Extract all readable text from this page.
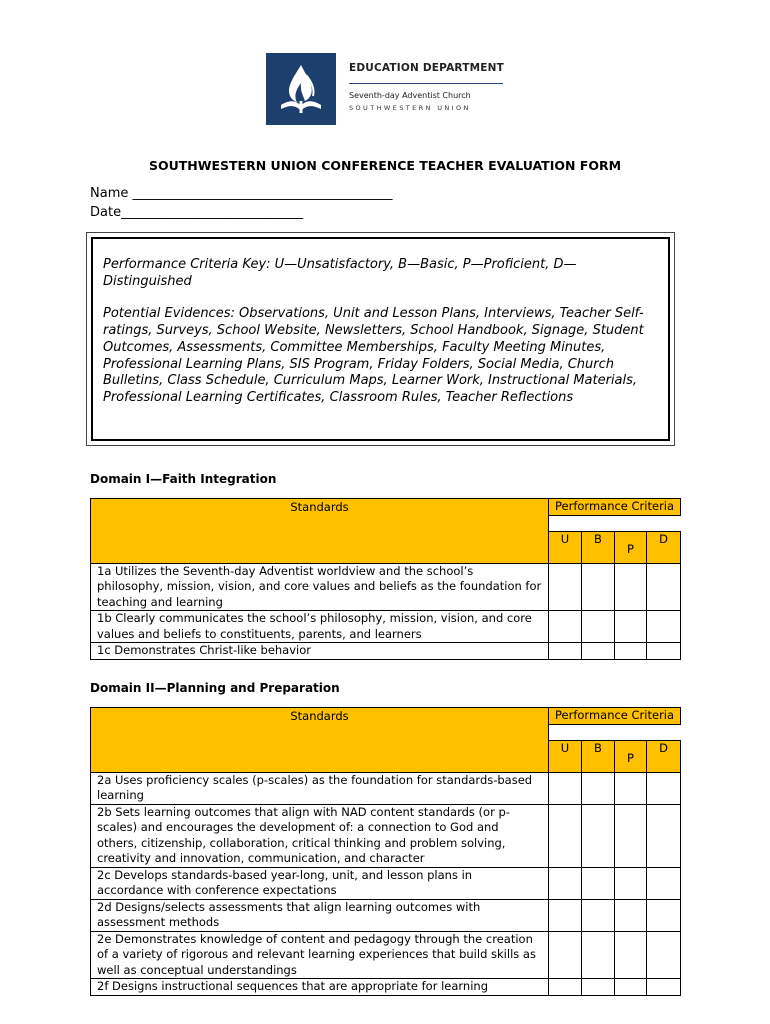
EDUCATION DEPARTMENT
Seventh-day Adventist Church
SOUTHWESTERN UNION
SOUTHWESTERN UNION CONFERENCE TEACHER EVALUATION FORM
Name ________________________________________
Date____________________________

Performance Criteria Key: U—Unsatisfactory, B—Basic, P—Proficient, D—Distinguished

Potential Evidences: Observations, Unit and Lesson Plans, Interviews, Teacher Self-ratings, Surveys, School Website, Newsletters, School Handbook, Signage, Student Outcomes, Assessments, Committee Memberships, Faculty Meeting Minutes, Professional Learning Plans, SIS Program, Friday Folders, Social Media, Church Bulletins, Class Schedule, Curriculum Maps, Learner Work, Instructional Materials, Professional Learning Certificates, Classroom Rules, Teacher Reflections

Domain I—Faith Integration
Standards	Performance Criteria			

	U	B	P	D
1a Utilizes the Seventh-day Adventist worldview and the school’s philosophy, mission, vision, and core values and beliefs as the foundation for teaching and learning				
1b Clearly communicates the school’s philosophy, mission, vision, and core values and beliefs to constituents, parents, and learners				
1c Demonstrates Christ-like behavior				
Domain II—Planning and Preparation
Standards	Performance Criteria			

	U	B	P	D
2a Uses proficiency scales (p-scales) as the foundation for standards-based learning				
2b Sets learning outcomes that align with NAD content standards (or p-scales) and encourages the development of: a connection to God and others, citizenship, collaboration, critical thinking and problem solving, creativity and innovation, communication, and character				
2c Develops standards-based year-long, unit, and lesson plans in accordance with conference expectations				
2d Designs/selects assessments that align learning outcomes with assessment methods				
2e Demonstrates knowledge of content and pedagogy through the creation of a variety of rigorous and relevant learning experiences that build skills as well as conceptual understandings				
2f Designs instructional sequences that are appropriate for learning				
